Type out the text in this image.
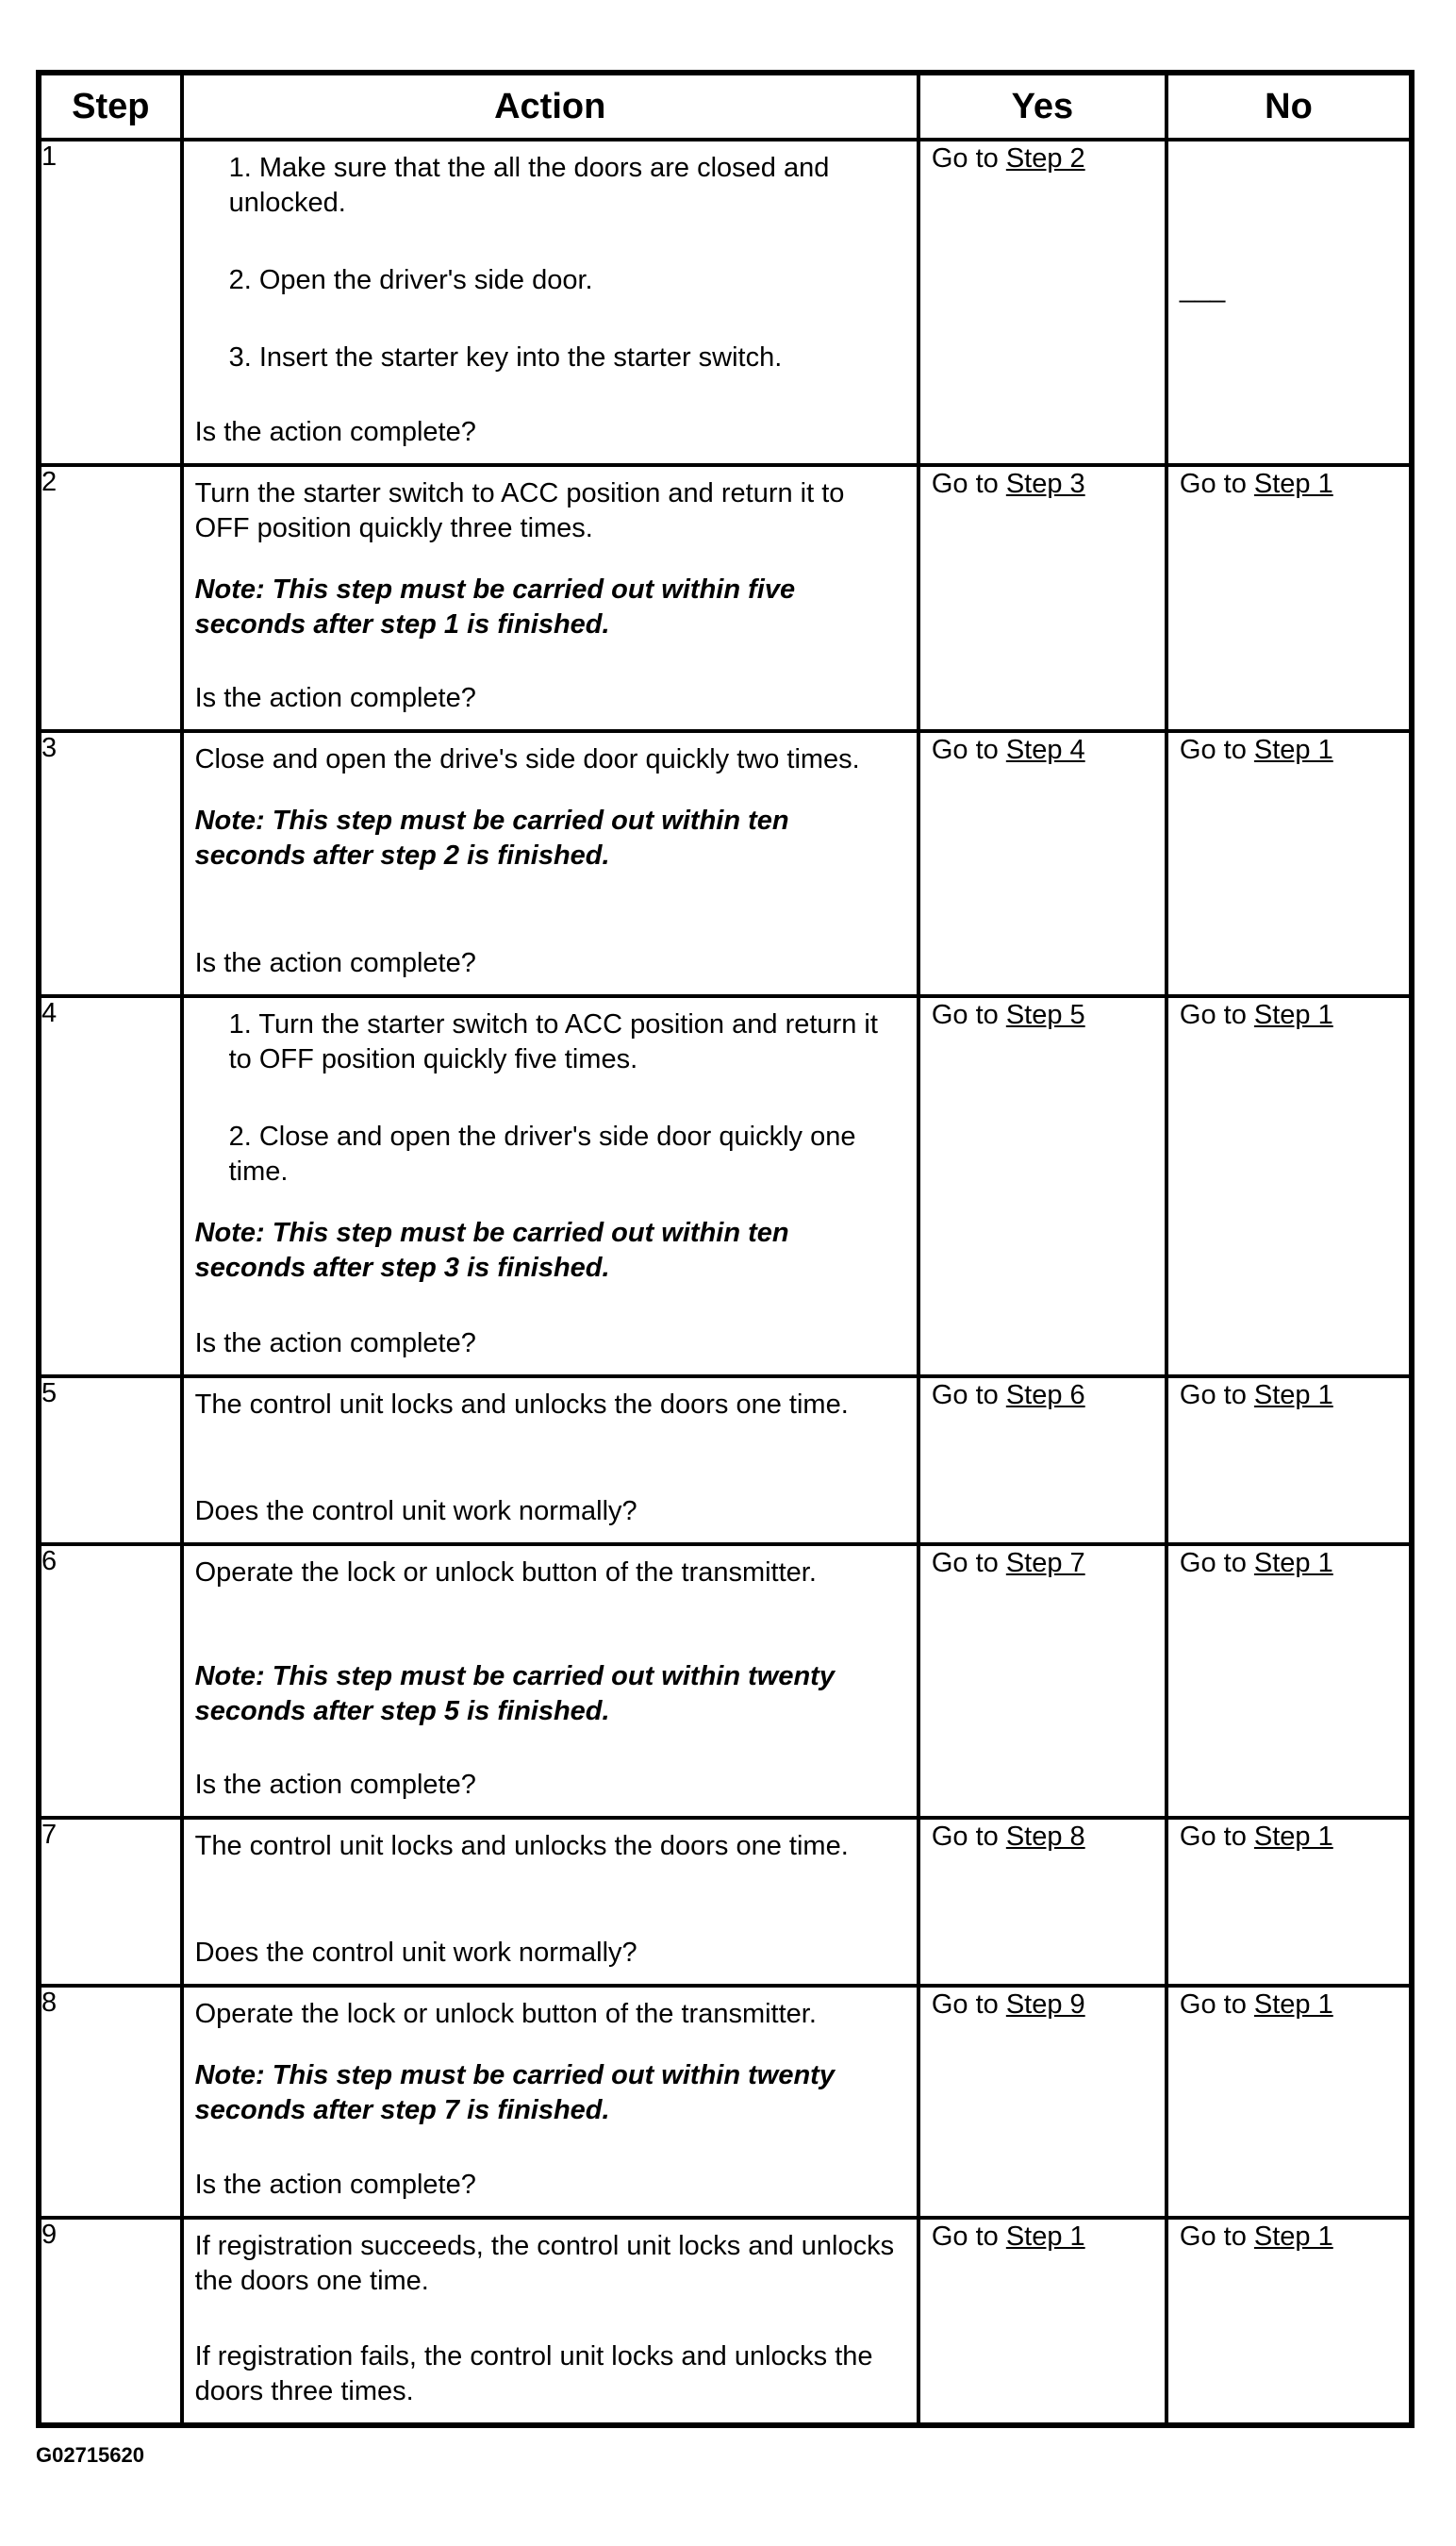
Step	Action	Yes	No
1	1. Make sure that the all the doors are closed and unlocked.

2. Open the driver's side door.

3. Insert the starter key into the starter switch.

Is the action complete?	Go to Step 2	___

2	Turn the starter switch to ACC position and return it to OFF position quickly three times.

Note: This step must be carried out within five seconds after step 1 is finished.

Is the action complete?	Go to Step 3	Go to Step 1

3	Close and open the drive's side door quickly two times.

Note: This step must be carried out within ten seconds after step 2 is finished.

Is the action complete?	Go to Step 4	Go to Step 1

4	1. Turn the starter switch to ACC position and return it to OFF position quickly five times.

2. Close and open the driver's side door quickly one time.

Note: This step must be carried out within ten seconds after step 3 is finished.

Is the action complete?	Go to Step 5	Go to Step 1

5	The control unit locks and unlocks the doors one time.

Does the control unit work normally?	Go to Step 6	Go to Step 1

6	Operate the lock or unlock button of the transmitter.

Note: This step must be carried out within twenty seconds after step 5 is finished.

Is the action complete?	Go to Step 7	Go to Step 1

7	The control unit locks and unlocks the doors one time.

Does the control unit work normally?	Go to Step 8	Go to Step 1

8	Operate the lock or unlock button of the transmitter.

Note: This step must be carried out within twenty seconds after step 7 is finished.

Is the action complete?	Go to Step 9	Go to Step 1

9	If registration succeeds, the control unit locks and unlocks the doors one time.

If registration fails, the control unit locks and unlocks the doors three times.	Go to Step 1	Go to Step 1
G02715620
